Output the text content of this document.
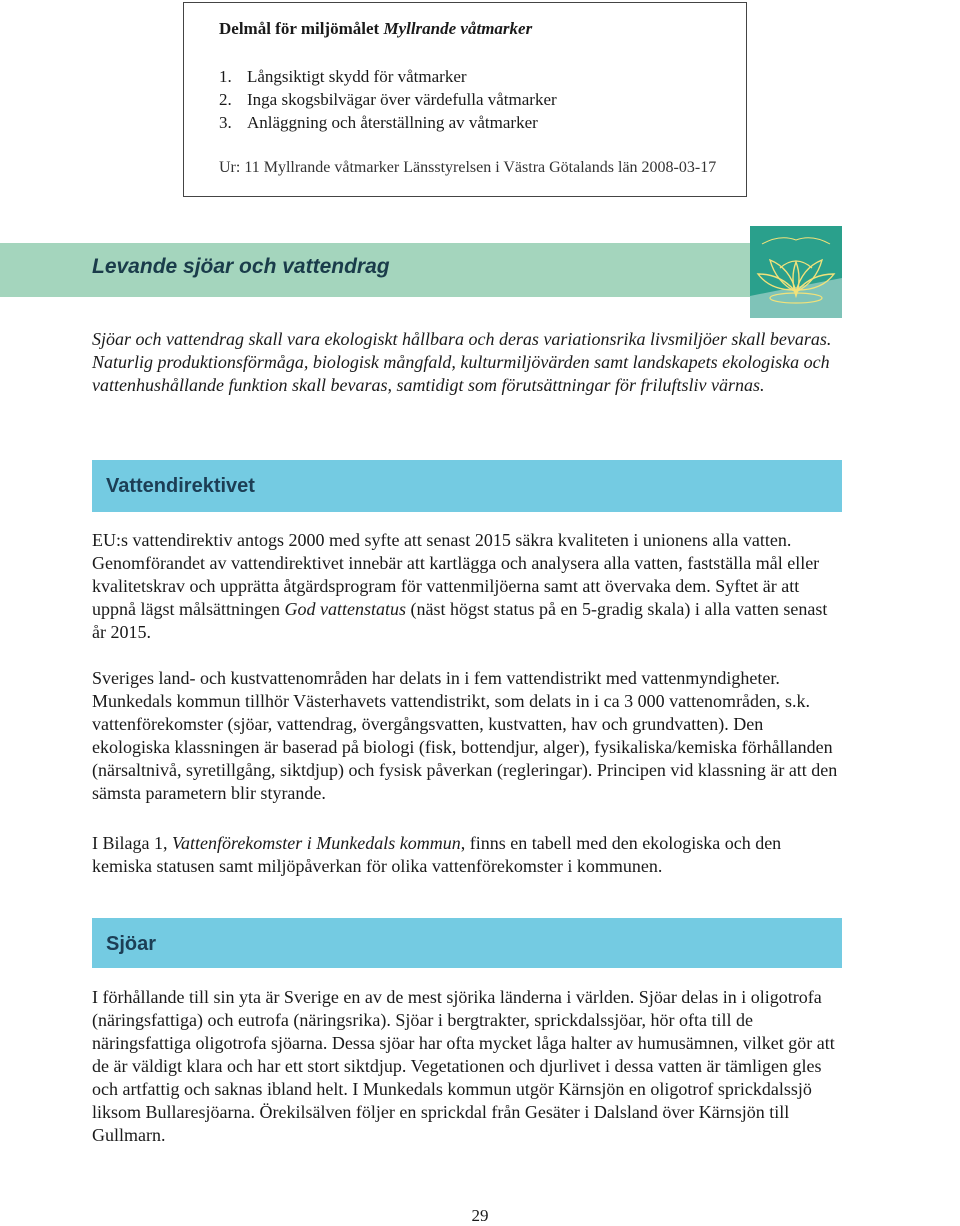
Delmål för miljömålet Myllrande våtmarker
1. Långsiktigt skydd för våtmarker
2. Inga skogsbilvägar över värdefulla våtmarker
3. Anläggning och återställning av våtmarker
Ur: 11 Myllrande våtmarker Länsstyrelsen i Västra Götalands län 2008-03-17
Levande sjöar och vattendrag

Sjöar och vattendrag skall vara ekologiskt hållbara och deras variationsrika livsmiljöer skall bevaras. Naturlig produktionsförmåga, biologisk mångfald, kulturmiljövärden samt landskapets ekologiska och vattenhushållande funktion skall bevaras, samtidigt som förutsättningar för friluftsliv värnas.

Vattendirektivet

EU:s vattendirektiv antogs 2000 med syfte att senast 2015 säkra kvaliteten i unionens alla vatten. Genomförandet av vattendirektivet innebär att kartlägga och analysera alla vatten, fastställa mål eller kvalitetskrav och upprätta åtgärdsprogram för vattenmiljöerna samt att övervaka dem. Syftet är att uppnå lägst målsättningen God vattenstatus (näst högst status på en 5-gradig skala) i alla vatten senast år 2015.

Sveriges land- och kustvattenområden har delats in i fem vattendistrikt med vattenmyndigheter. Munkedals kommun tillhör Västerhavets vattendistrikt, som delats in i ca 3 000 vattenområden, s.k. vattenförekomster (sjöar, vattendrag, övergångsvatten, kustvatten, hav och grundvatten). Den ekologiska klassningen är baserad på biologi (fisk, bottendjur, alger), fysikaliska/kemiska förhållanden (närsaltnivå, syretillgång, siktdjup) och fysisk påverkan (regleringar). Principen vid klassning är att den sämsta parametern blir styrande.

I Bilaga 1, Vattenförekomster i Munkedals kommun, finns en tabell med den ekologiska och den kemiska statusen samt miljöpåverkan för olika vattenförekomster i kommunen.

Sjöar

I förhållande till sin yta är Sverige en av de mest sjörika länderna i världen. Sjöar delas in i oligotrofa (näringsfattiga) och eutrofa (näringsrika). Sjöar i bergtrakter, sprickdalssjöar, hör ofta till de näringsfattiga oligotrofa sjöarna. Dessa sjöar har ofta mycket låga halter av humusämnen, vilket gör att de är väldigt klara och har ett stort siktdjup. Vegetationen och djurlivet i dessa vatten är tämligen gles och artfattig och saknas ibland helt. I Munkedals kommun utgör Kärnsjön en oligotrof sprickdalssjö liksom Bullaresjöarna. Örekilsälven följer en sprickdal från Gesäter i Dalsland över Kärnsjön till Gullmarn.

29
